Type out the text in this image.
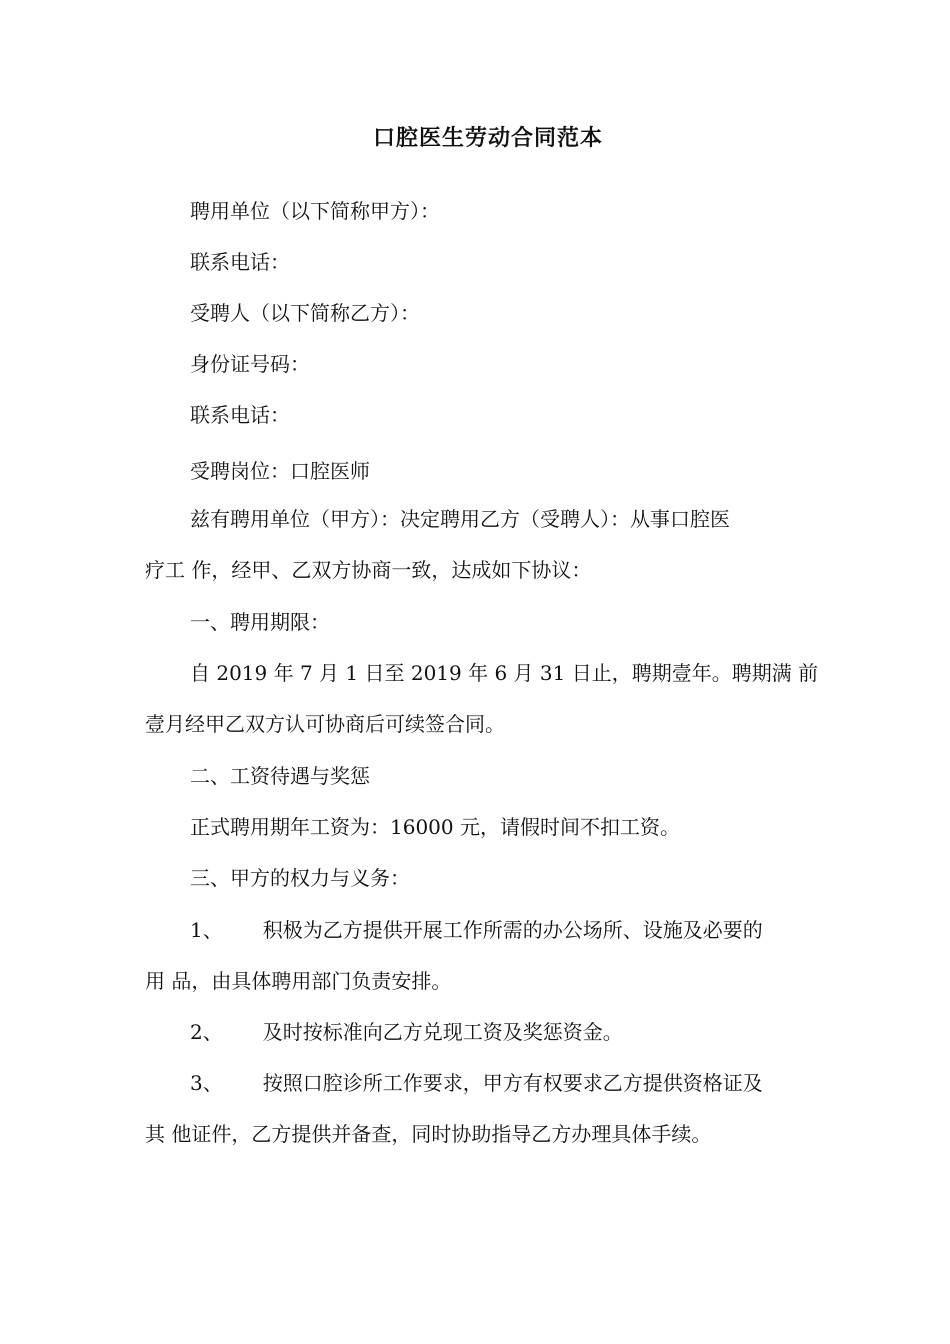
口腔医生劳动合同范本
聘用单位（以下简称甲方）：
联系电话：
受聘人（以下简称乙方）：
身份证号码：
联系电话：
受聘岗位：口腔医师
兹有聘用单位（甲方）：决定聘用乙方（受聘人）：从事口腔医
疗工 作，经甲、乙双方协商一致，达成如下协议：
一、聘用期限：
自 2019 年 7 月 1 日至 2019 年 6 月 31 日止，聘期壹年。聘期满 前
壹月经甲乙双方认可协商后可续签合同。
二、工资待遇与奖惩
正式聘用期年工资为：16000 元，请假时间不扣工资。
三、甲方的权力与义务：
1、 积极为乙方提供开展工作所需的办公场所、设施及必要的
用 品，由具体聘用部门负责安排。
2、 及时按标准向乙方兑现工资及奖惩资金。
3、 按照口腔诊所工作要求，甲方有权要求乙方提供资格证及
其 他证件，乙方提供并备查，同时协助指导乙方办理具体手续。
